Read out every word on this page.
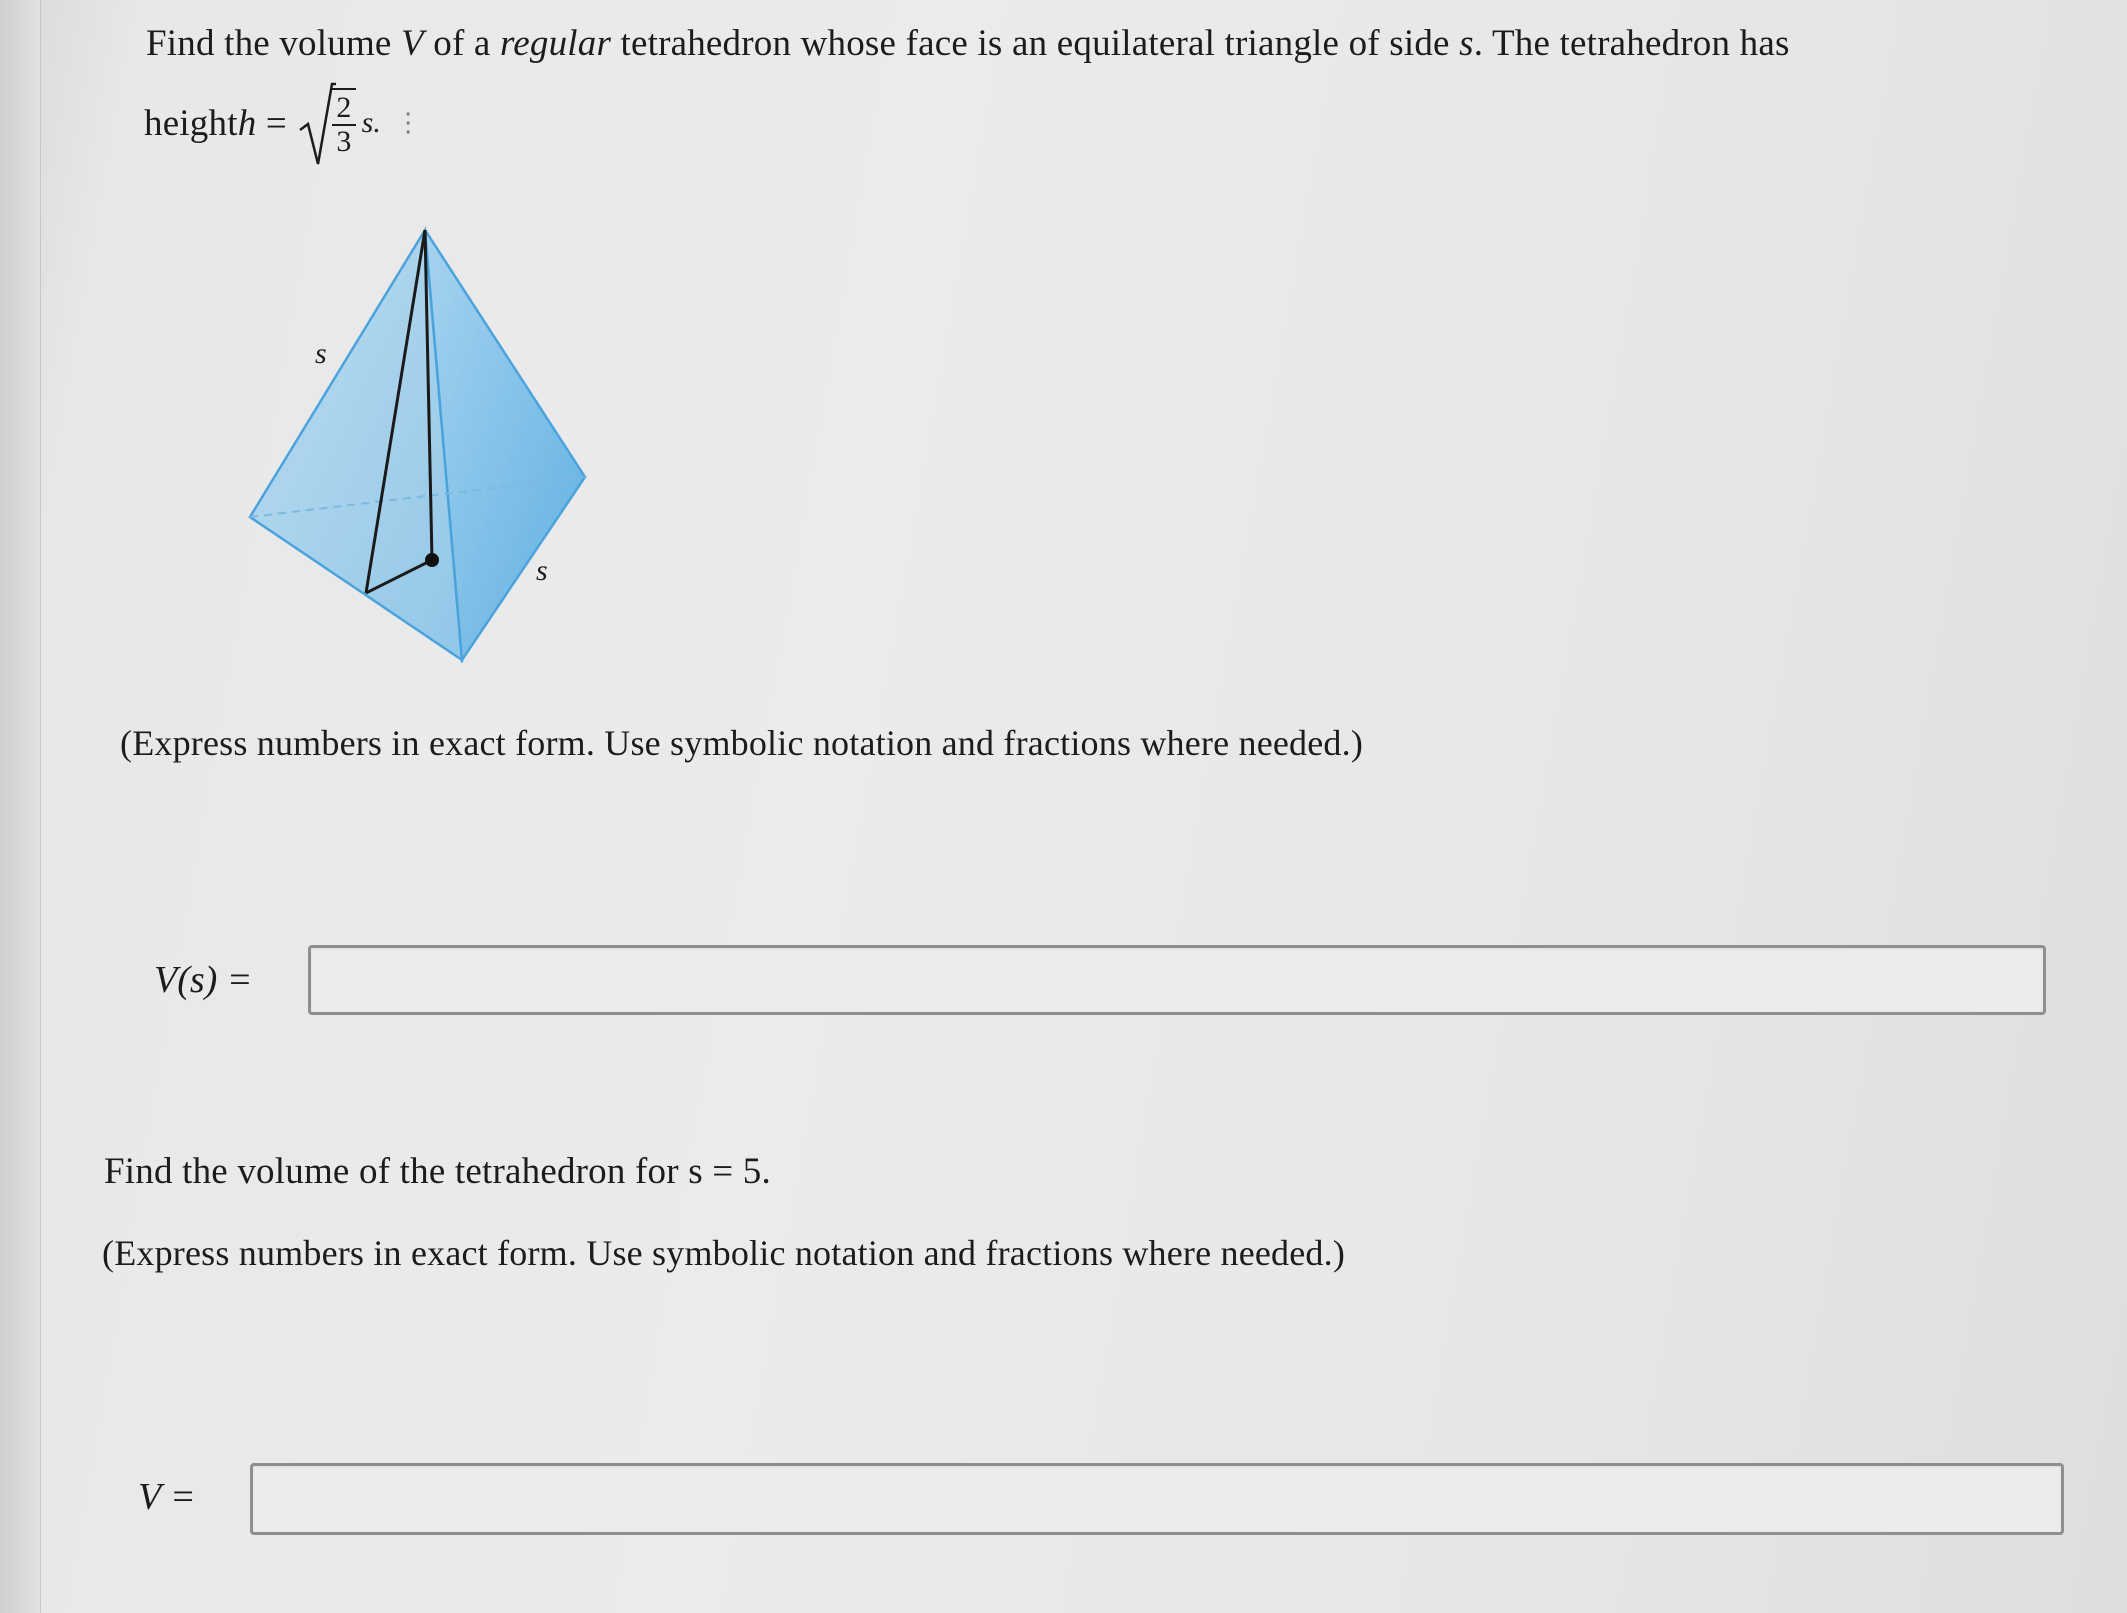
Find the volume V of a regular tetrahedron whose face is an equilateral triangle of side s. The tetrahedron has
height $h = \frac{2}{3} s$. ⋮
s
s
(Express numbers in exact form. Use symbolic notation and fractions where needed.)
V(s) =
Find the volume of the tetrahedron for s = 5.
(Express numbers in exact form. Use symbolic notation and fractions where needed.)
V =
